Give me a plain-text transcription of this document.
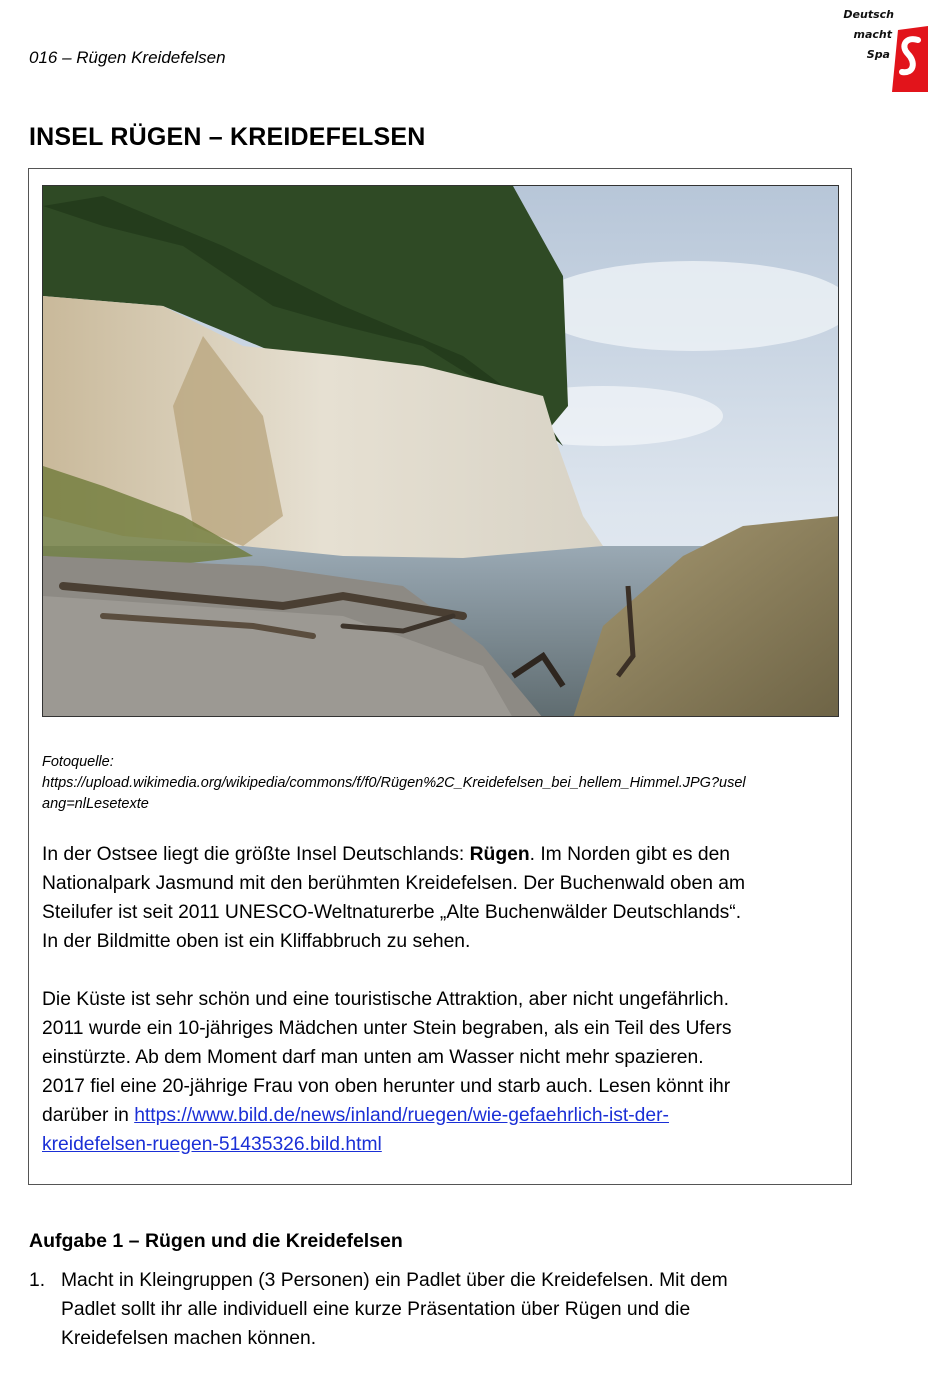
016 – Rügen Kreidefelsen
Deutsch
macht
Spa
INSEL RÜGEN – KREIDEFELSEN
Fotoquelle:
https://upload.wikimedia.org/wikipedia/commons/f/f0/Rügen%2C_Kreidefelsen_bei_hellem_Himmel.JPG?usel
ang=nlLesetexte
In der Ostsee liegt die größte Insel Deutschlands: Rügen. Im Norden gibt es den
Nationalpark Jasmund mit den berühmten Kreidefelsen. Der Buchenwald oben am
Steilufer ist seit 2011 UNESCO-Weltnaturerbe „Alte Buchenwälder Deutschlands“.
In der Bildmitte oben ist ein Kliffabbruch zu sehen.
Die Küste ist sehr schön und eine touristische Attraktion, aber nicht ungefährlich.
2011 wurde ein 10-jähriges Mädchen unter Stein begraben, als ein Teil des Ufers
einstürzte. Ab dem Moment darf man unten am Wasser nicht mehr spazieren.
2017 fiel eine 20-jährige Frau von oben herunter und starb auch. Lesen könnt ihr
darüber in https://www.bild.de/news/inland/ruegen/wie-gefaehrlich-ist-der-
kreidefelsen-ruegen-51435326.bild.html
Aufgabe 1 – Rügen und die Kreidefelsen
1. Macht in Kleingruppen (3 Personen) ein Padlet über die Kreidefelsen. Mit dem
Padlet sollt ihr alle individuell eine kurze Präsentation über Rügen und die
Kreidefelsen machen können.
